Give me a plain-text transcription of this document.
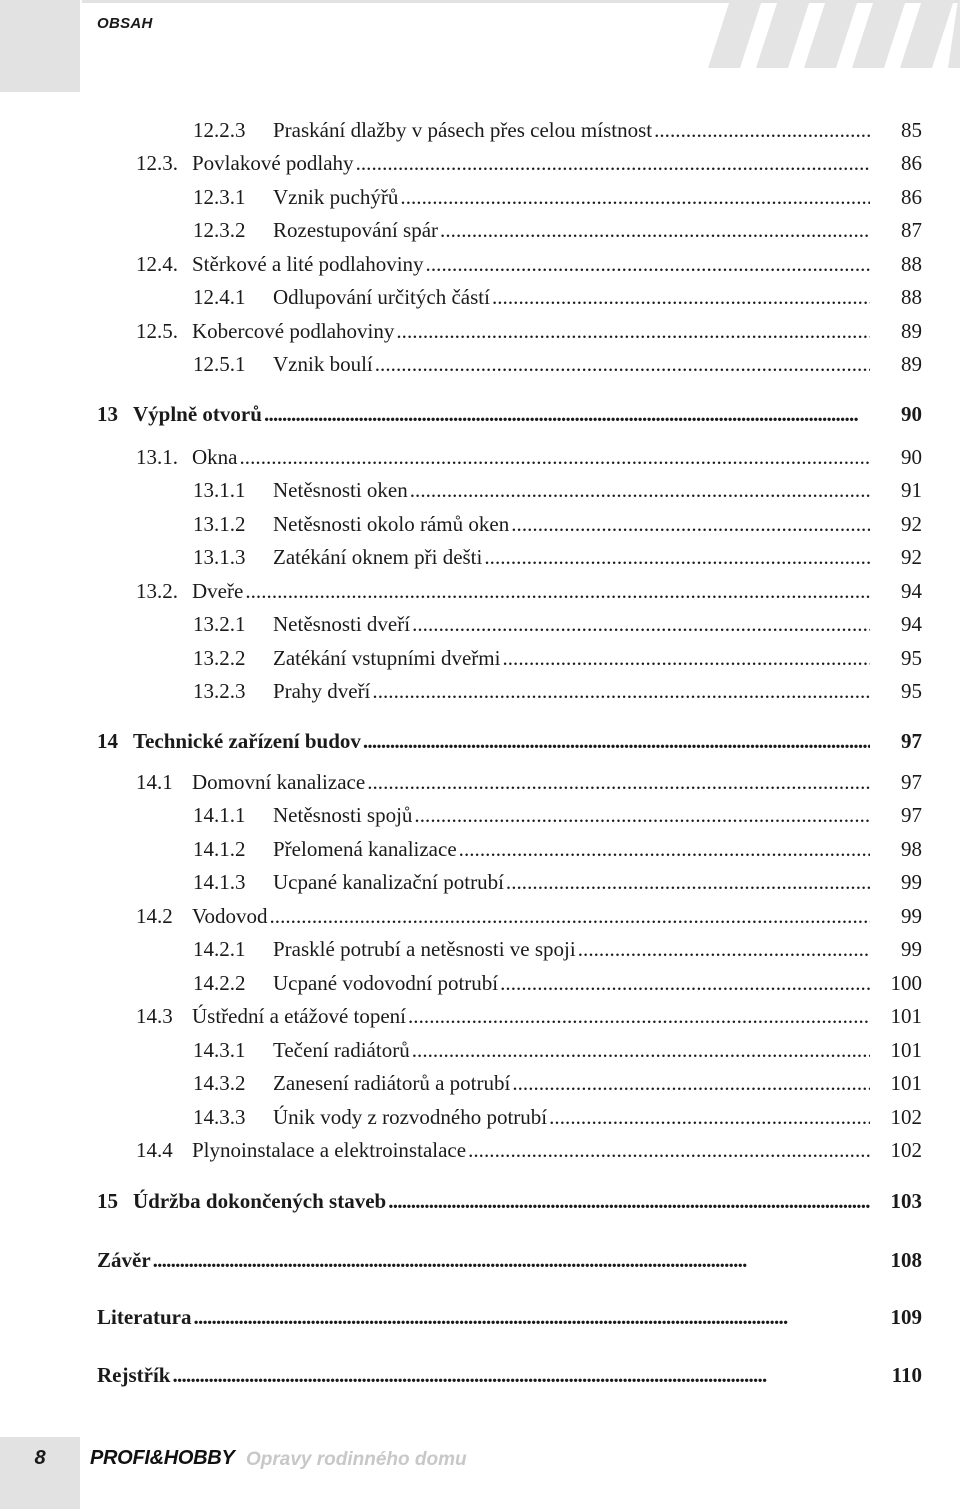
OBSAH
12.2.3	Praskání dlažby v pásech přes celou místnost . . .	85
12.3. Povlakové podlahy . . .	86
12.3.1	Vznik puchýřů . . .	86
12.3.2	Rozestupování spár . . .	87
12.4. Stěrkové a lité podlahoviny . . .	88
12.4.1	Odlupování určitých částí . . .	88
12.5. Kobercové podlahoviny . . .	89
12.5.1	Vznik boulí . . .	89
13 Výplně otvorů . . .	90
13.1. Okna . . .	90
13.1.1	Netěsnosti oken . . .	91
13.1.2	Netěsnosti okolo rámů oken . . .	92
13.1.3	Zatékání oknem při dešti . . .	92
13.2. Dveře . . .	94
13.2.1	Netěsnosti dveří . . .	94
13.2.2	Zatékání vstupními dveřmi . . .	95
13.2.3	Prahy dveří . . .	95
14 Technické zařízení budov . . .	97
14.1 Domovní kanalizace . . .	97
14.1.1	Netěsnosti spojů . . .	97
14.1.2	Přelomená kanalizace . . .	98
14.1.3	Ucpané kanalizační potrubí . . .	99
14.2 Vodovod . . .	99
14.2.1	Prasklé potrubí a netěsnosti ve spoji . . .	99
14.2.2	Ucpané vodovodní potrubí . . .	100
14.3 Ústřední a etážové topení . . .	101
14.3.1	Tečení radiátorů . . .	101
14.3.2	Zanesení radiátorů a potrubí . . .	101
14.3.3	Únik vody z rozvodného potrubí . . .	102
14.4 Plynoinstalace a elektroinstalace . . .	102
15 Údržba dokončených staveb . . .	103
Závěr . . .	108
Literatura . . .	109
Rejstřík . . .	110
8	PROFI&HOBBY Opravy rodinného domu
